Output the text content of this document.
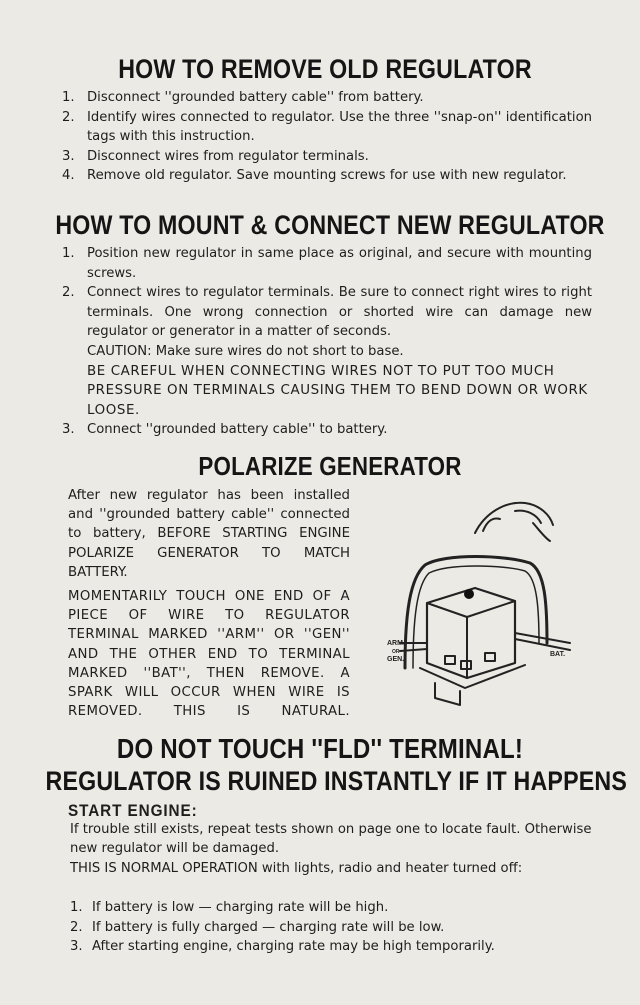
HOW TO REMOVE OLD REGULATOR
1. Disconnect ''grounded battery cable'' from battery.
2. Identify wires connected to regulator. Use the three ''snap-on'' identification tags with this instruction.
3. Disconnect wires from regulator terminals.
4. Remove old regulator. Save mounting screws for use with new regulator.
HOW TO MOUNT & CONNECT NEW REGULATOR
1. Position new regulator in same place as original, and secure with mounting screws.
2. Connect wires to regulator terminals. Be sure to connect right wires to right terminals. One wrong connection or shorted wire can damage new regulator or generator in a matter of seconds.
CAUTION: Make sure wires do not short to base.
BE CAREFUL WHEN CONNECTING WIRES NOT TO PUT TOO MUCH PRESSURE ON TERMINALS CAUSING THEM TO BEND DOWN OR WORK LOOSE.
3. Connect ''grounded battery cable'' to battery.
POLARIZE GENERATOR
After new regulator has been installed and ''grounded battery cable'' connected to battery, BEFORE STARTING ENGINE POLARIZE GENERATOR TO MATCH BATTERY.
MOMENTARILY TOUCH ONE END OF A PIECE OF WIRE TO REGULATOR TERMINAL MARKED ''ARM'' OR ''GEN'' AND THE OTHER END TO TERMINAL MARKED ''BAT'', THEN REMOVE. A SPARK WILL OCCUR WHEN WIRE IS REMOVED. THIS IS NATURAL.
ARM.
OR
GEN.
BAT.
DO NOT TOUCH ''FLD'' TERMINAL!
REGULATOR IS RUINED INSTANTLY IF IT HAPPENS
START ENGINE:
If trouble still exists, repeat tests shown on page one to locate fault. Otherwise new regulator will be damaged.
THIS IS NORMAL OPERATION with lights, radio and heater turned off:
1. If battery is low — charging rate will be high.
2. If battery is fully charged — charging rate will be low.
3. After starting engine, charging rate may be high temporarily.
